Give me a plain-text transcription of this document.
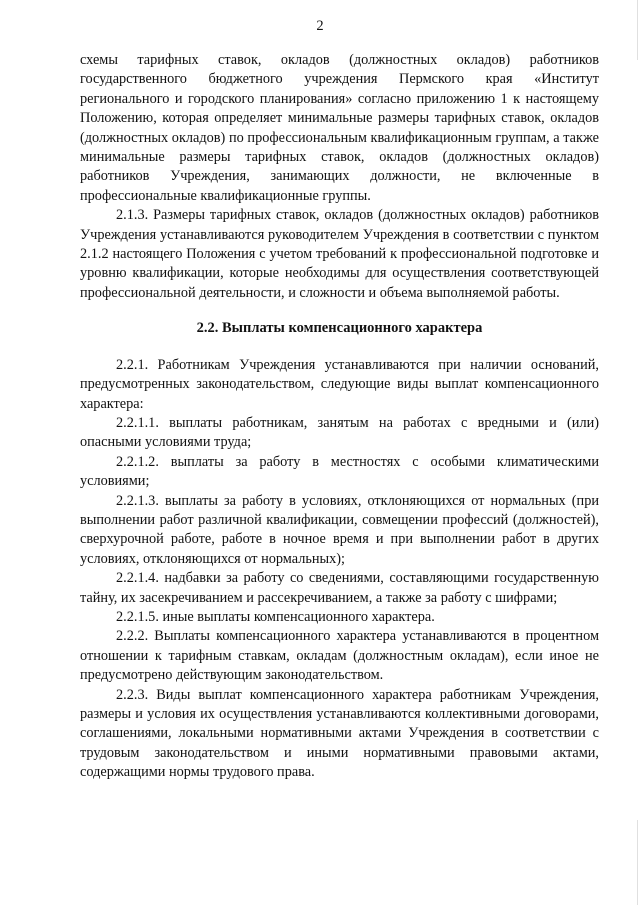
2

схемы тарифных ставок, окладов (должностных окладов) работников государственного бюджетного учреждения Пермского края «Институт регионального и городского планирования» согласно приложению 1 к настоящему Положению, которая определяет минимальные размеры тарифных ставок, окладов (должностных окладов) по профессиональным квалификационным группам, а также минимальные размеры тарифных ставок, окладов (должностных окладов) работников Учреждения, занимающих должности, не включенные в профессиональные квалификационные группы.

2.1.3. Размеры тарифных ставок, окладов (должностных окладов) работников Учреждения устанавливаются руководителем Учреждения в соответствии с пунктом 2.1.2 настоящего Положения с учетом требований к профессиональной подготовке и уровню квалификации, которые необходимы для осуществления соответствующей профессиональной деятельности, и сложности и объема выполняемой работы.

2.2. Выплаты компенсационного характера

2.2.1. Работникам Учреждения устанавливаются при наличии оснований, предусмотренных законодательством, следующие виды выплат компенсационного характера:

2.2.1.1. выплаты работникам, занятым на работах с вредными и (или) опасными условиями труда;

2.2.1.2. выплаты за работу в местностях с особыми климатическими условиями;

2.2.1.3. выплаты за работу в условиях, отклоняющихся от нормальных (при выполнении работ различной квалификации, совмещении профессий (должностей), сверхурочной работе, работе в ночное время и при выполнении работ в других условиях, отклоняющихся от нормальных);

2.2.1.4. надбавки за работу со сведениями, составляющими государственную тайну, их засекречиванием и рассекречиванием, а также за работу с шифрами;

2.2.1.5. иные выплаты компенсационного характера.

2.2.2. Выплаты компенсационного характера устанавливаются в процентном отношении к тарифным ставкам, окладам (должностным окладам), если иное не предусмотрено действующим законодательством.

2.2.3. Виды выплат компенсационного характера работникам Учреждения, размеры и условия их осуществления устанавливаются коллективными договорами, соглашениями, локальными нормативными актами Учреждения в соответствии с трудовым законодательством и иными нормативными правовыми актами, содержащими нормы трудового права.
